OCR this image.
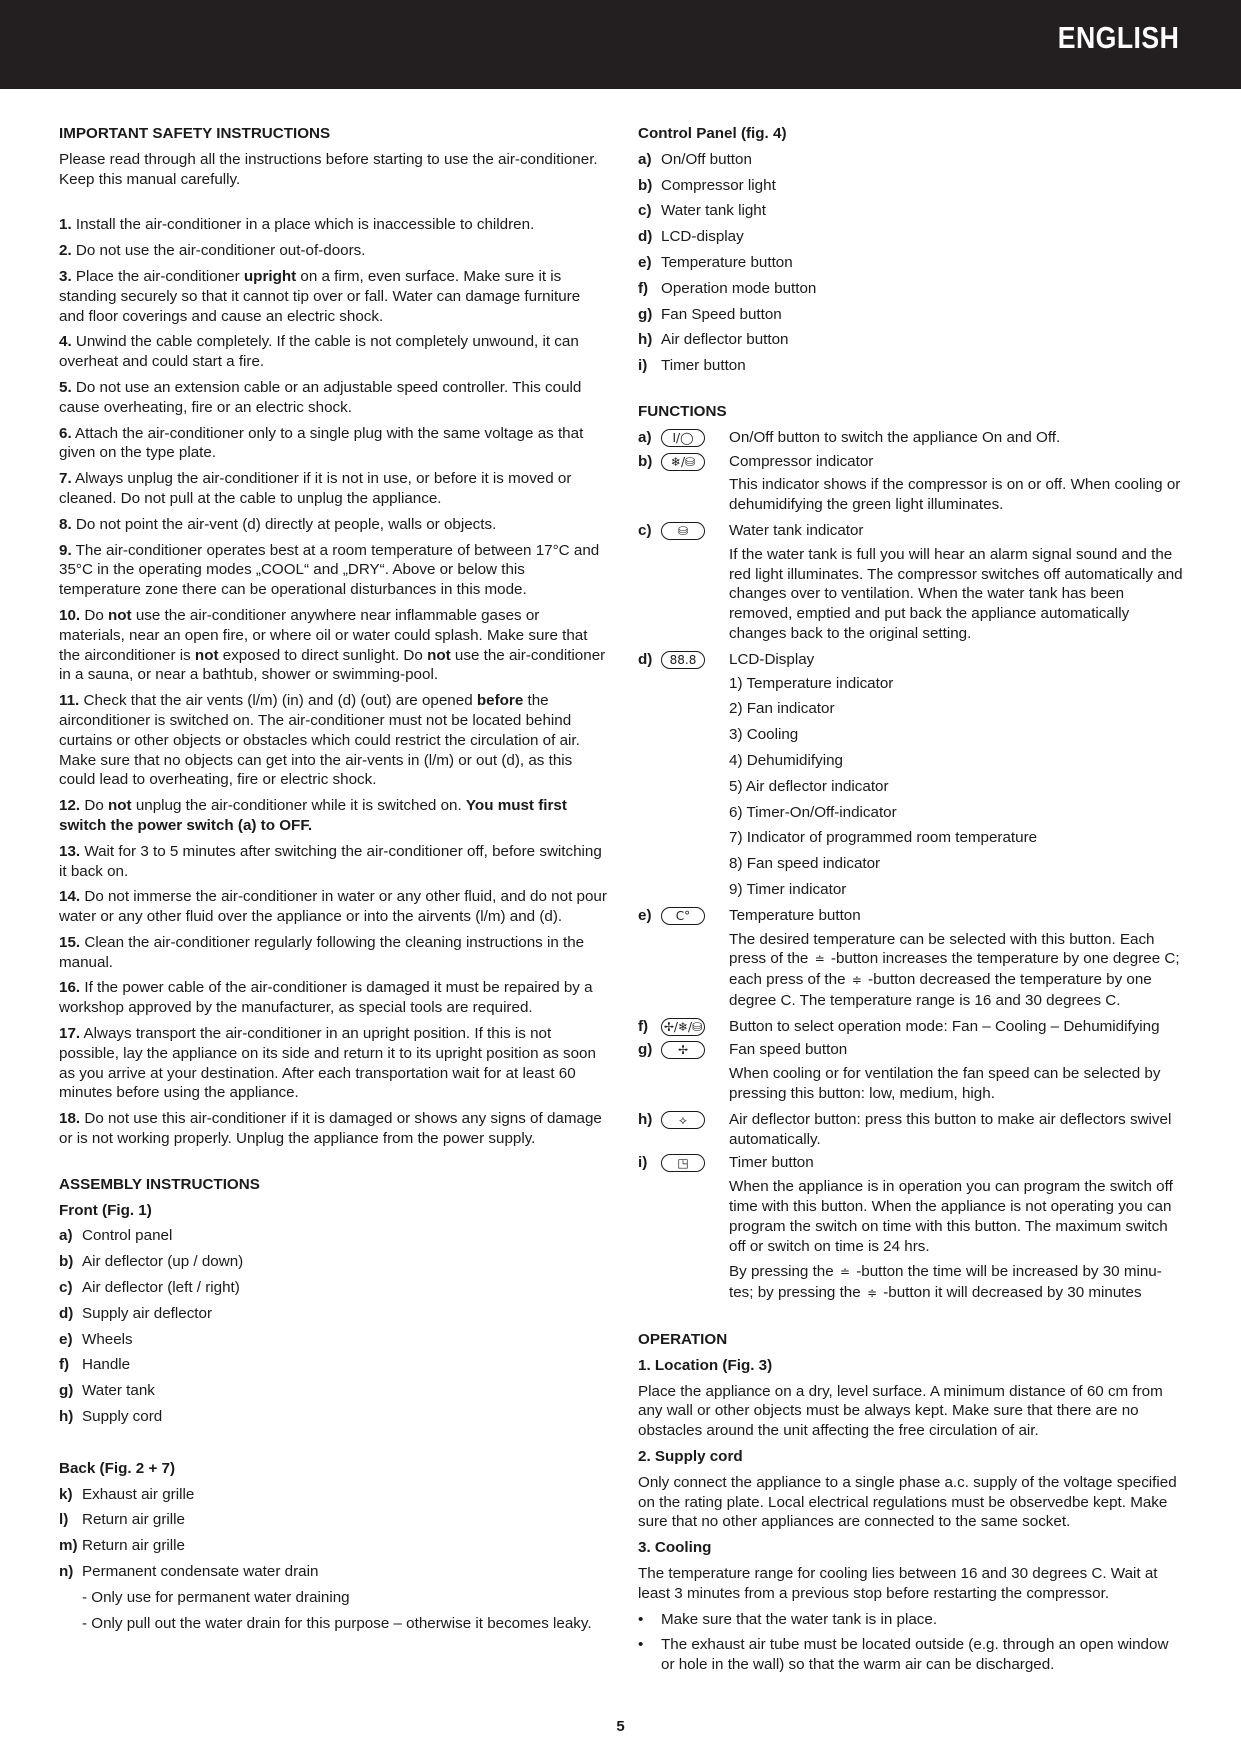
ENGLISH
IMPORTANT SAFETY INSTRUCTIONS

Please read through all the instructions before starting to use the air-conditioner. Keep this manual carefully.

1. Install the air-conditioner in a place which is inaccessible to children.

2. Do not use the air-conditioner out-of-doors.

3. Place the air-conditioner upright on a firm, even surface. Make sure it is standing securely so that it cannot tip over or fall. Water can damage furniture and floor coverings and cause an electric shock.

4. Unwind the cable completely. If the cable is not completely unwound, it can overheat and could start a fire.

5. Do not use an extension cable or an adjustable speed controller. This could cause overheating, fire or an electric shock.

6. Attach the air-conditioner only to a single plug with the same voltage as that given on the type plate.

7. Always unplug the air-conditioner if it is not in use, or before it is moved or cleaned. Do not pull at the cable to unplug the appliance.

8. Do not point the air-vent (d) directly at people, walls or objects.

9. The air-conditioner operates best at a room temperature of between 17°C and 35°C in the operating modes „COOL“ and „DRY“. Above or below this temperature zone there can be operational disturbances in this mode.

10. Do not use the air-conditioner anywhere near inflammable gases or materials, near an open fire, or where oil or water could splash. Make sure that the airconditioner is not exposed to direct sunlight. Do not use the air-conditioner in a sauna, or near a bathtub, shower or swimming-pool.

11. Check that the air vents (l/m) (in) and (d) (out) are opened before the airconditioner is switched on. The air-conditioner must not be located behind curtains or other objects or obstacles which could restrict the circulation of air. Make sure that no objects can get into the air-vents in (l/m) or out (d), as this could lead to overheating, fire or electric shock.

12. Do not unplug the air-conditioner while it is switched on. You must first switch the power switch (a) to OFF.

13. Wait for 3 to 5 minutes after switching the air-conditioner off, before switching it back on.

14. Do not immerse the air-conditioner in water or any other fluid, and do not pour water or any other fluid over the appliance or into the airvents (l/m) and (d).

15. Clean the air-conditioner regularly following the cleaning instructions in the manual.

16. If the power cable of the air-conditioner is damaged it must be repaired by a workshop approved by the manufacturer, as special tools are required.

17. Always transport the air-conditioner in an upright position. If this is not possible, lay the appliance on its side and return it to its upright position as soon as you arrive at your destination. After each transportation wait for at least 60 minutes before using the appliance.

18. Do not use this air-conditioner if it is damaged or shows any signs of damage or is not working properly. Unplug the appliance from the power supply.

ASSEMBLY INSTRUCTIONS
Front (Fig. 1)
a) Control panel
b) Air deflector (up / down)
c) Air deflector (left / right)
d) Supply air deflector
e) Wheels
f) Handle
g) Water tank
h) Supply cord
Back (Fig. 2 + 7)
k) Exhaust air grille
l) Return air grille
m) Return air grille
n) Permanent condensate water drain
- Only use for permanent water draining
- Only pull out the water drain for this purpose – otherwise it becomes leaky.
Control Panel (fig. 4)
a) On/Off button
b) Compressor light
c) Water tank light
d) LCD-display
e) Temperature button
f) Operation mode button
g) Fan Speed button
h) Air deflector button
i) Timer button
FUNCTIONS
a)	I/◯	On/Off button to switch the appliance On and Off.
b)	❄/⛁	Compressor indicator
This indicator shows if the compressor is on or off. When cooling or dehumidifying the green light illuminates.
c)	⛁	Water tank indicator
If the water tank is full you will hear an alarm signal sound and the red light illuminates. The compressor switches off automatically and changes over to ventilation. When the water tank has been removed, emptied and put back the appliance automatically changes back to the original setting.
d)	88.8	LCD-Display
1) Temperature indicator
2) Fan indicator
3) Cooling
4) Dehumidifying
5) Air deflector indicator
6) Timer-On/Off-indicator
7) Indicator of programmed room temperature
8) Fan speed indicator
9) Timer indicator
e)	C°	Temperature button
The desired temperature can be selected with this button. Each press of the ≐ -button increases the temperature by one degree C; each press of the ≑ -button decreased the temperature by one degree C. The temperature range is 16 and 30 degrees C.
f)	✢/❄/⛁ Button to select operation mode: Fan – Cooling – Dehumidifying
g)	✢	Fan speed button
When cooling or for ventilation the fan speed can be selected by pressing this button: low, medium, high.
h)	⟡	Air deflector button: press this button to make air deflectors swivel automatically.
i)	◳	Timer button
When the appliance is in operation you can program the switch off time with this button. When the appliance is not operating you can program the switch on time with this button. The maximum switch off or switch on time is 24 hrs.
By pressing the ≐ -button the time will be increased by 30 minu-tes; by pressing the ≑ -button it will decreased by 30 minutes
OPERATION
1. Location (Fig. 3)

Place the appliance on a dry, level surface. A minimum distance of 60 cm from any wall or other objects must be always kept. Make sure that there are no obstacles around the unit affecting the free circulation of air.

2. Supply cord

Only connect the appliance to a single phase a.c. supply of the voltage specified on the rating plate. Local electrical regulations must be observedbe kept. Make sure that no other appliances are connected to the same socket.

3. Cooling

The temperature range for cooling lies between 16 and 30 degrees C. Wait at least 3 minutes from a previous stop before restarting the compressor.

•	Make sure that the water tank is in place.
•	The exhaust air tube must be located outside (e.g. through an open window or hole in the wall) so that the warm air can be discharged.
5
